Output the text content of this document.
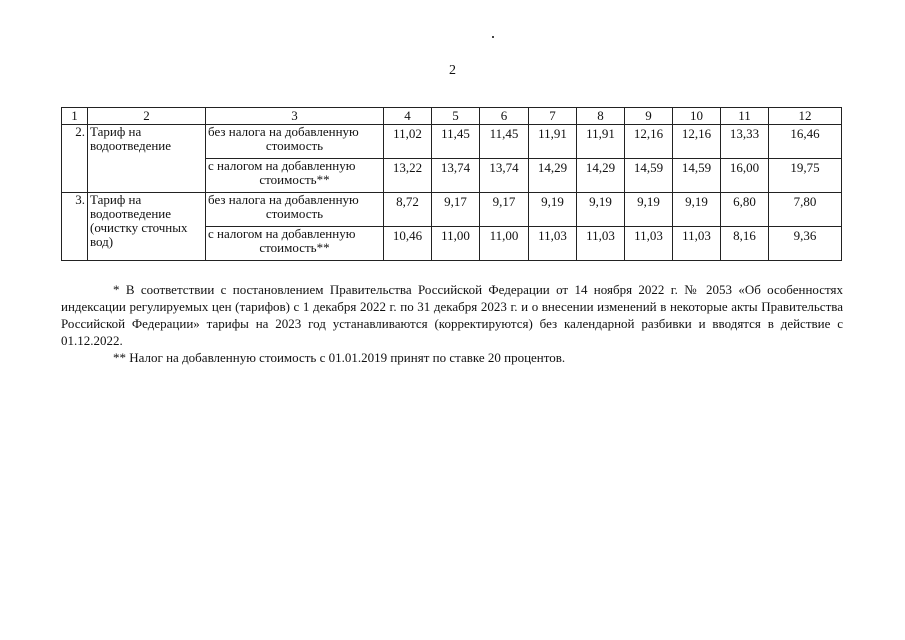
2
1	2	3	4	5	6	7	8	9	10	11	12
2.	Тариф на водоотведение	без налога на добавленную
стоимость	11,02	11,45	11,45	11,91	11,91	12,16	12,16	13,33	16,46

		с налогом на добавленную
стоимость**	13,22	13,74	13,74	14,29	14,29	14,59	14,59	16,00	19,75
3.	Тариф на водоотведение (очистку сточных вод)	без налога на добавленную
стоимость	8,72	9,17	9,17	9,19	9,19	9,19	9,19	6,80	7,80

		с налогом на добавленную
стоимость**	10,46	11,00	11,00	11,03	11,03	11,03	11,03	8,16	9,36

* В соответствии с постановлением Правительства Российской Федерации от 14 ноября 2022 г. № 2053 «Об особенностях индексации регулируемых цен (тарифов) с 1 декабря 2022 г. по 31 декабря 2023 г. и о внесении изменений в некоторые акты Правительства Российской Федерации» тарифы на 2023 год устанавливаются (корректируются) без календарной разбивки и вводятся в действие с 01.12.2022.

** Налог на добавленную стоимость с 01.01.2019 принят по ставке 20 процентов.
